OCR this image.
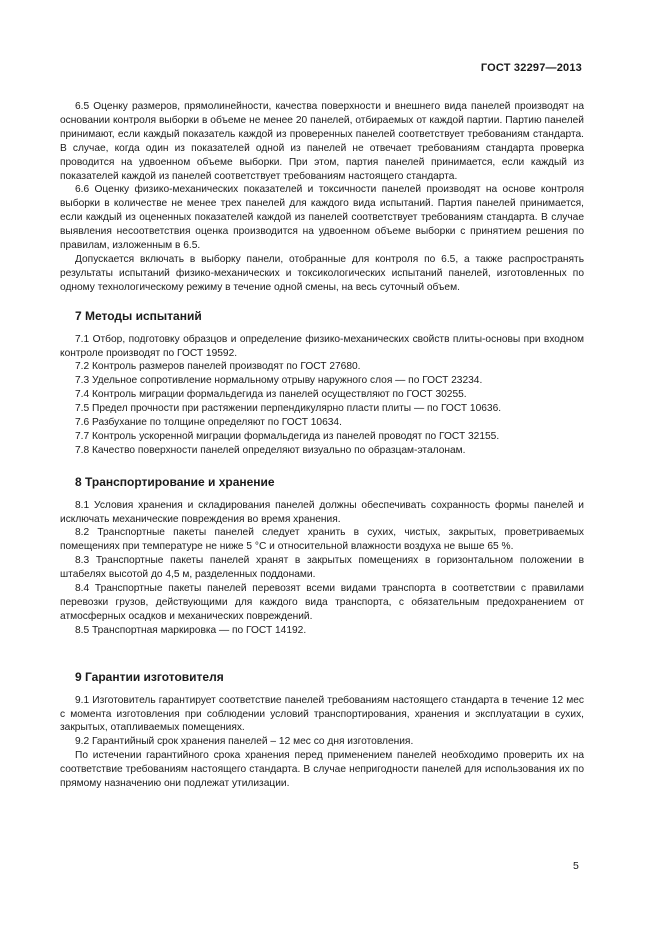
ГОСТ 32297—2013

6.5 Оценку размеров, прямолинейности, качества поверхности и внешнего вида панелей производят на основании контроля выборки в объеме не менее 20 панелей, отбираемых от каждой партии. Партию панелей принимают, если каждый показатель каждой из проверенных панелей соответствует требованиям стандарта. В случае, когда один из показателей одной из панелей не отвечает требованиям стандарта проверка проводится на удвоенном объеме выборки. При этом, партия панелей принимается, если каждый из показателей каждой из панелей соответствует требованиям настоящего стандарта.

6.6 Оценку физико-механических показателей и токсичности панелей производят на основе контроля выборки в количестве не менее трех панелей для каждого вида испытаний. Партия панелей принимается, если каждый из оцененных показателей каждой из панелей соответствует требованиям стандарта. В случае выявления несоответствия оценка производится на удвоенном объеме выборки с принятием решения по правилам, изложенным в 6.5.

Допускается включать в выборку панели, отобранные для контроля по 6.5, а также распространять результаты испытаний физико-механических и токсикологических испытаний панелей, изготовленных по одному технологическому режиму в течение одной смены, на весь суточный объем.

7 Методы испытаний

7.1 Отбор, подготовку образцов и определение физико-механических свойств плиты-основы при входном контроле производят по ГОСТ 19592.

7.2 Контроль размеров панелей производят по ГОСТ 27680.

7.3 Удельное сопротивление нормальному отрыву наружного слоя — по ГОСТ 23234.

7.4 Контроль миграции формальдегида из панелей осуществляют по ГОСТ 30255.

7.5 Предел прочности при растяжении перпендикулярно пласти плиты — по ГОСТ 10636.

7.6 Разбухание по толщине определяют по ГОСТ 10634.

7.7 Контроль ускоренной миграции формальдегида из панелей проводят по ГОСТ 32155.

7.8 Качество поверхности панелей определяют визуально по образцам-эталонам.

8 Транспортирование и хранение

8.1 Условия хранения и складирования панелей должны обеспечивать сохранность формы панелей и исключать механические повреждения во время хранения.

8.2 Транспортные пакеты панелей следует хранить в сухих, чистых, закрытых, проветриваемых помещениях при температуре не ниже 5 °С и относительной влажности воздуха не выше 65 %.

8.3 Транспортные пакеты панелей хранят в закрытых помещениях в горизонтальном положении в штабелях высотой до 4,5 м, разделенных поддонами.

8.4 Транспортные пакеты панелей перевозят всеми видами транспорта в соответствии с правилами перевозки грузов, действующими для каждого вида транспорта, с обязательным предохранением от атмосферных осадков и механических повреждений.

8.5 Транспортная маркировка — по ГОСТ 14192.

9 Гарантии изготовителя

9.1 Изготовитель гарантирует соответствие панелей требованиям настоящего стандарта в течение 12 мес с момента изготовления при соблюдении условий транспортирования, хранения и эксплуатации в сухих, закрытых, отапливаемых помещениях.

9.2 Гарантийный срок хранения панелей – 12 мес со дня изготовления.

По истечении гарантийного срока хранения перед применением панелей необходимо проверить их на соответствие требованиям настоящего стандарта. В случае непригодности панелей для использования их по прямому назначению они подлежат утилизации.

5
